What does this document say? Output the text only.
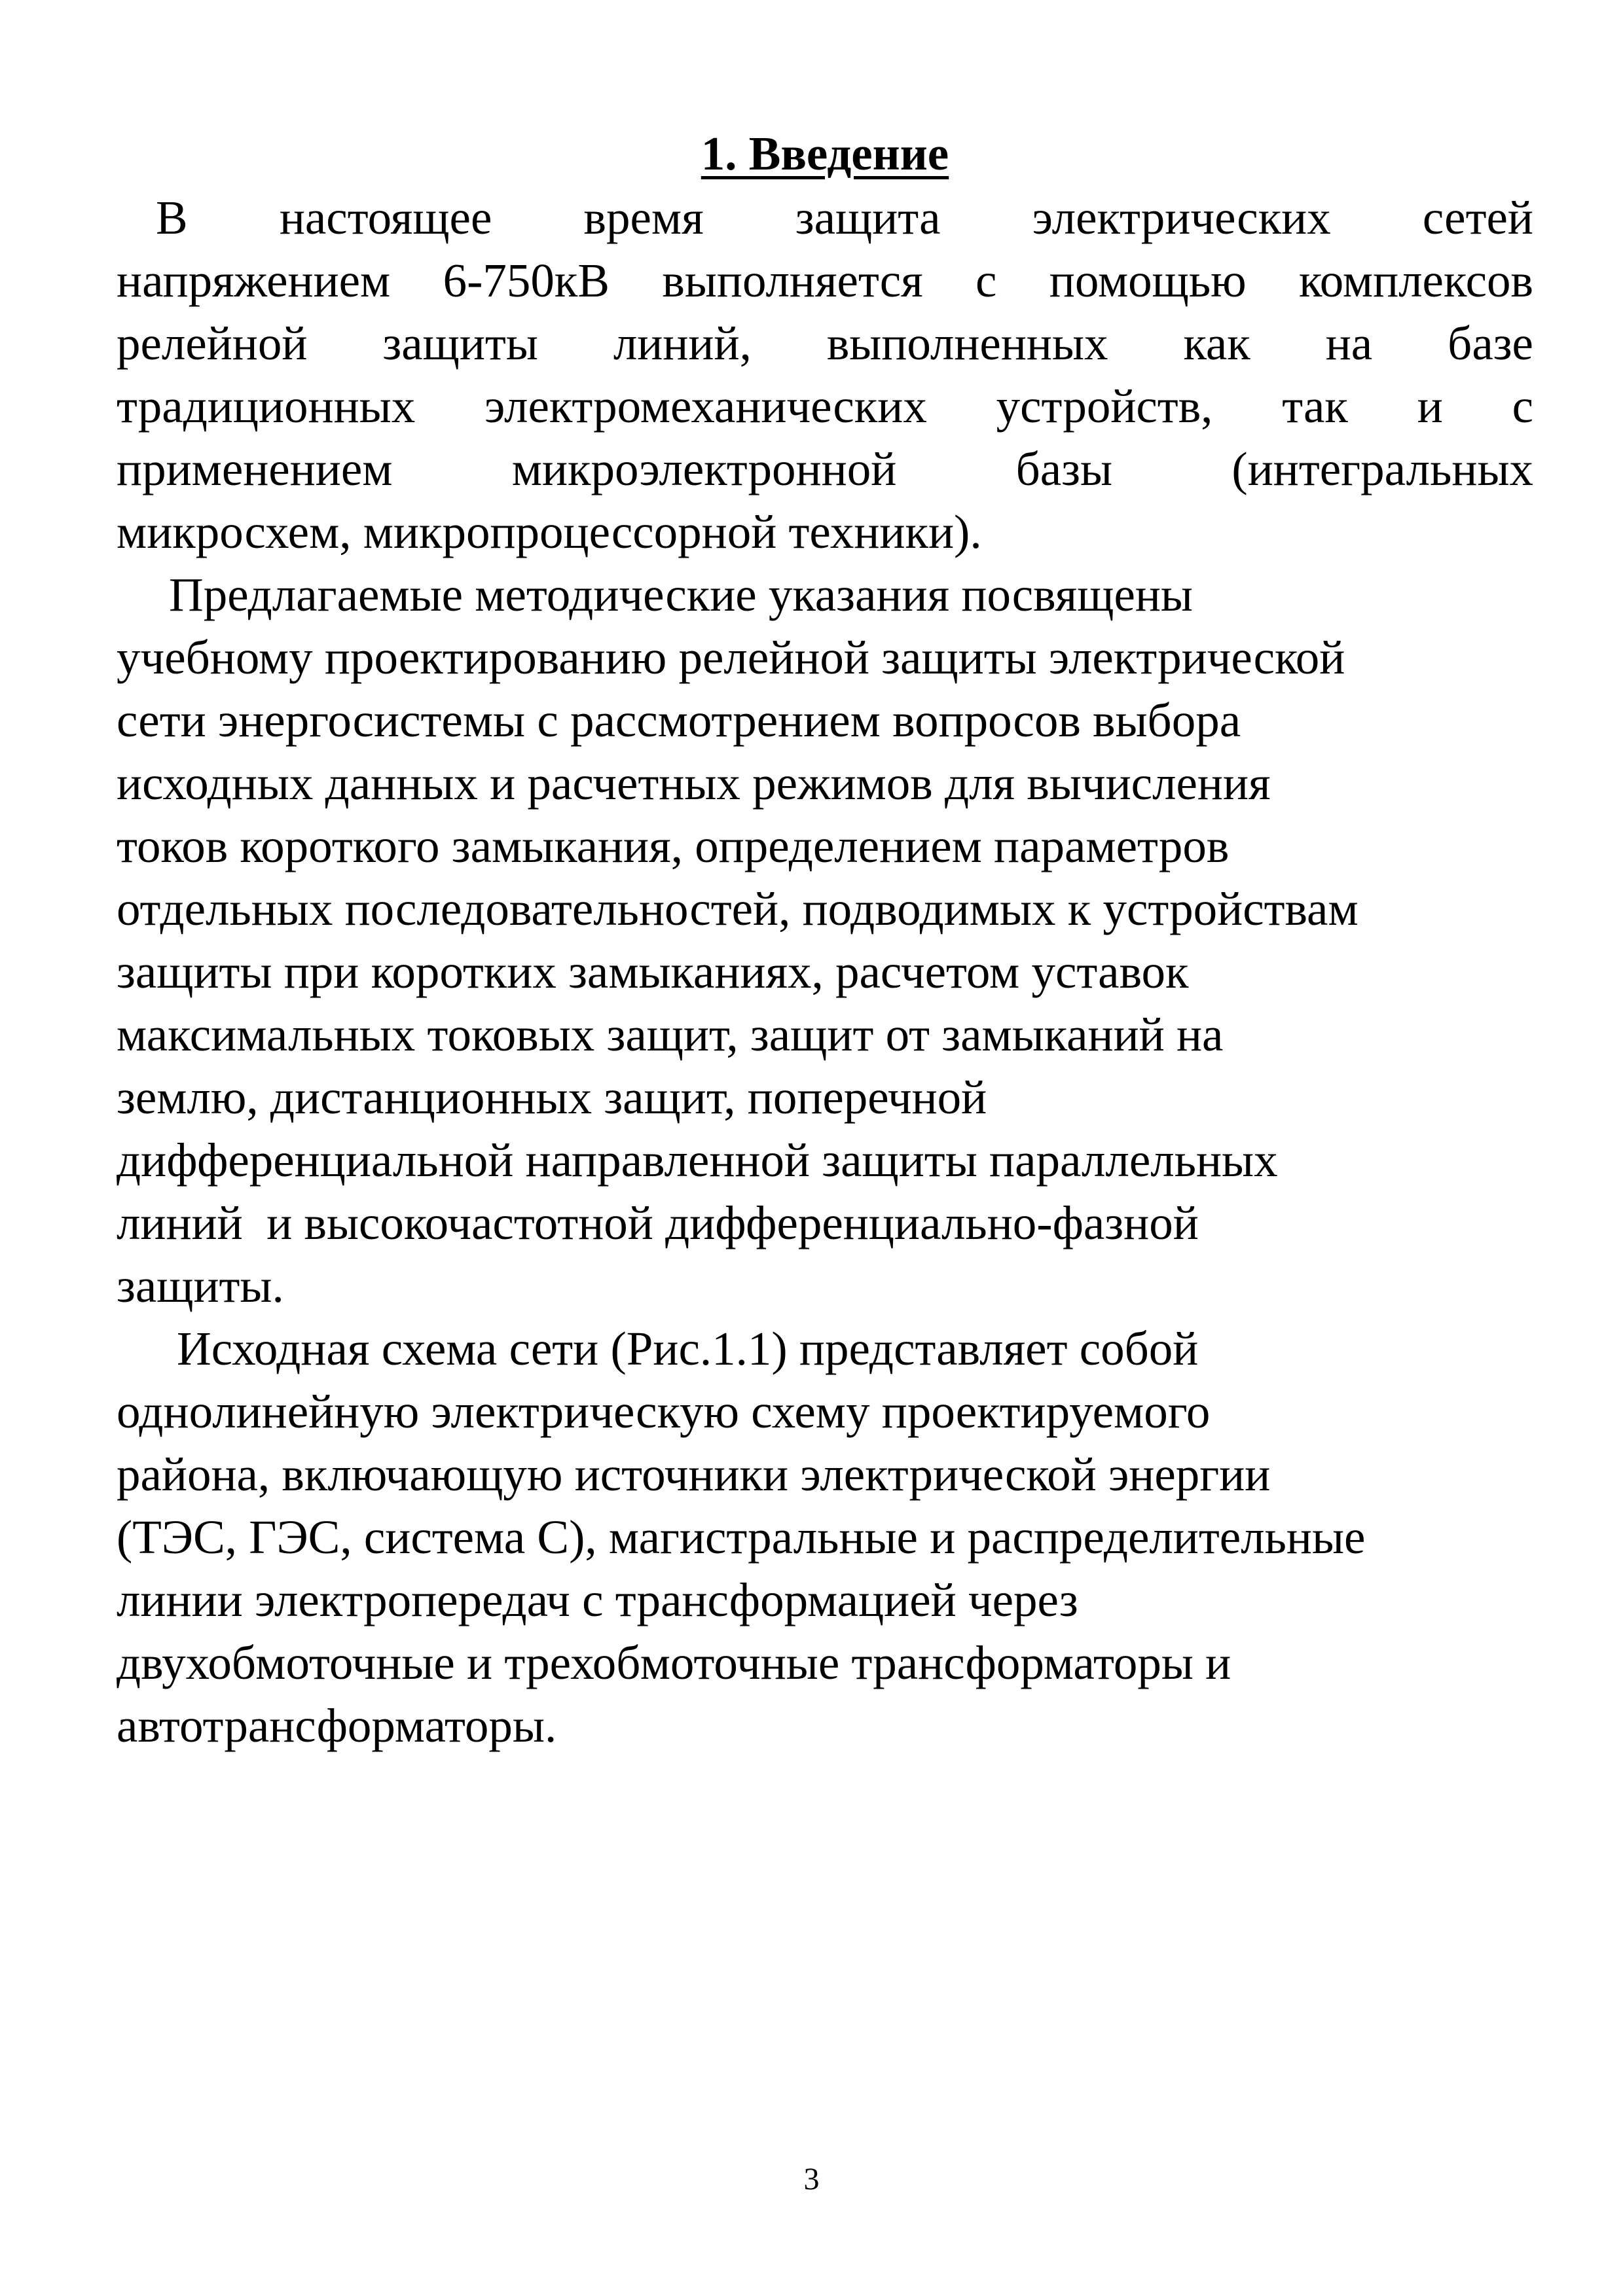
1. Введение
В настоящее время защита электрических сетей
напряжением 6-750кВ выполняется с помощью комплексов
релейной защиты линий, выполненных как на базе
традиционных электромеханических устройств, так и с
применением микроэлектронной базы (интегральных
микросхем, микропроцессорной техники).
Предлагаемые методические указания посвящены
учебному проектированию релейной защиты электрической
сети энергосистемы с рассмотрением вопросов выбора
исходных данных и расчетных режимов для вычисления
токов короткого замыкания, определением параметров
отдельных последовательностей, подводимых к устройствам
защиты при коротких замыканиях, расчетом уставок
максимальных токовых защит, защит от замыканий на
землю, дистанционных защит, поперечной
дифференциальной направленной защиты параллельных
линий  и высокочастотной дифференциально-фазной
защиты.
Исходная схема сети (Рис.1.1) представляет собой
однолинейную электрическую схему проектируемого
района, включающую источники электрической энергии
(ТЭС, ГЭС, система С), магистральные и распределительные
линии электропередач с трансформацией через
двухобмоточные и трехобмоточные трансформаторы и
автотрансформаторы.
3
